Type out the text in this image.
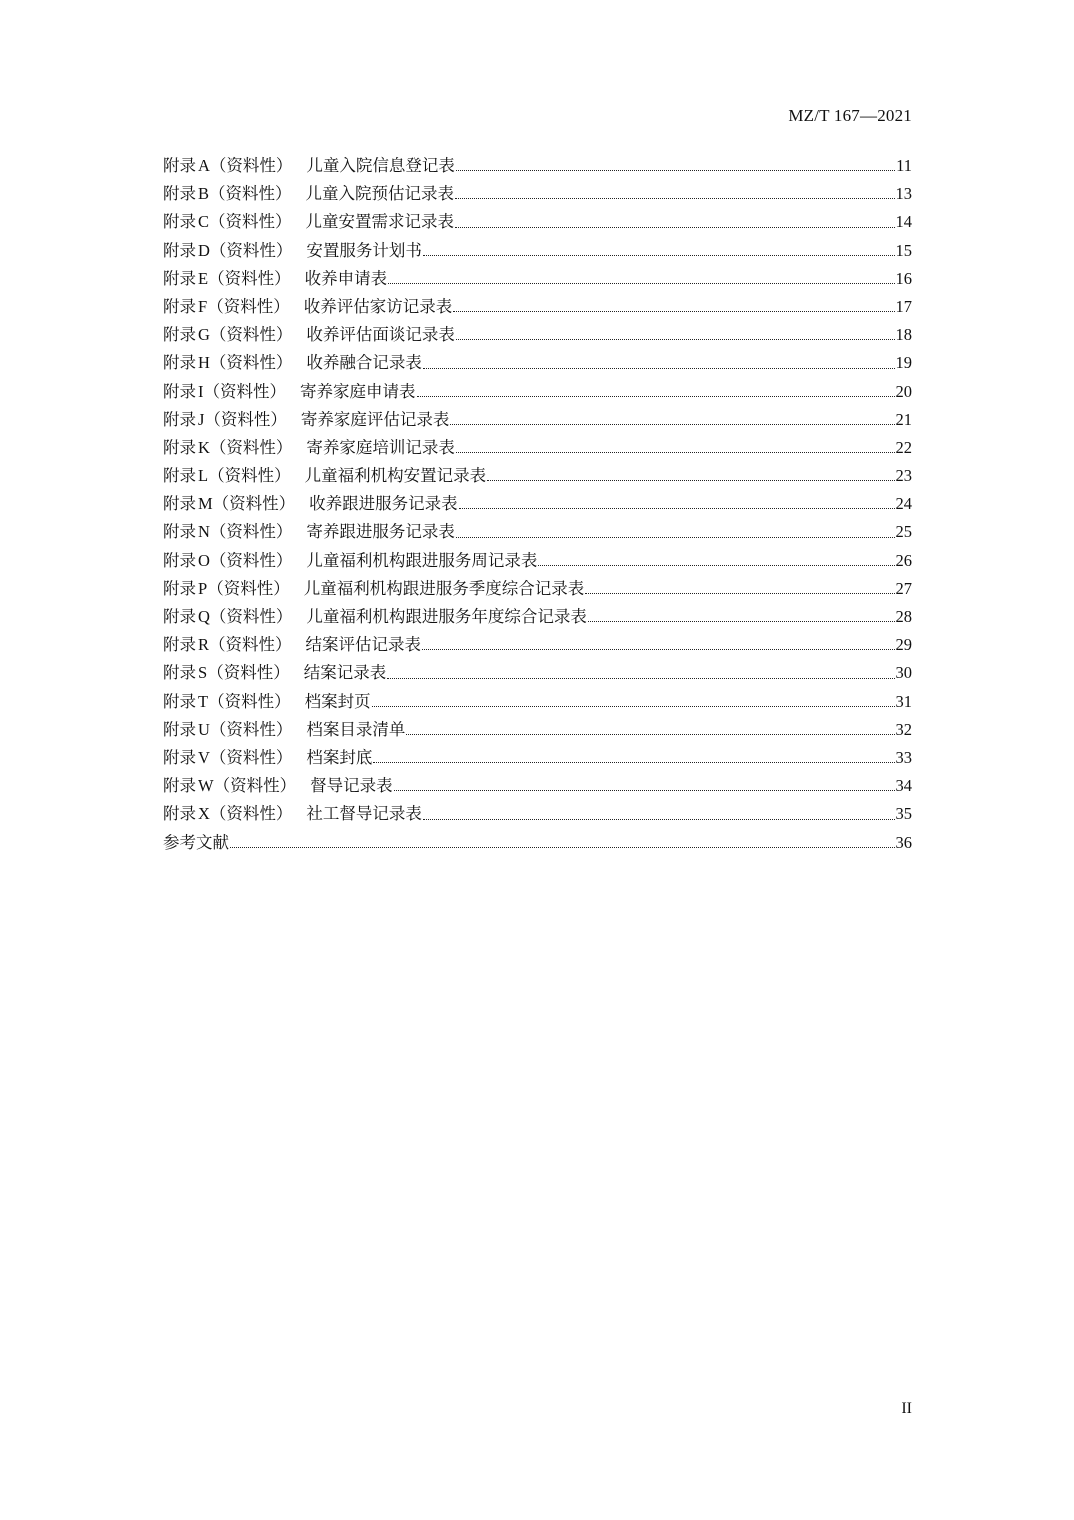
MZ/T 167—2021
附录 A（资料性） 儿童入院信息登记表	11
附录 B（资料性） 儿童入院预估记录表	13
附录 C（资料性） 儿童安置需求记录表	14
附录 D（资料性） 安置服务计划书	15
附录 E（资料性） 收养申请表	16
附录 F（资料性） 收养评估家访记录表	17
附录 G（资料性） 收养评估面谈记录表	18
附录 H（资料性） 收养融合记录表	19
附录 I（资料性） 寄养家庭申请表	20
附录 J（资料性） 寄养家庭评估记录表	21
附录 K（资料性） 寄养家庭培训记录表	22
附录 L（资料性） 儿童福利机构安置记录表	23
附录 M（资料性） 收养跟进服务记录表	24
附录 N（资料性） 寄养跟进服务记录表	25
附录 O（资料性） 儿童福利机构跟进服务周记录表	26
附录 P（资料性） 儿童福利机构跟进服务季度综合记录表	27
附录 Q（资料性） 儿童福利机构跟进服务年度综合记录表	28
附录 R（资料性） 结案评估记录表	29
附录 S（资料性） 结案记录表	30
附录 T（资料性） 档案封页	31
附录 U（资料性） 档案目录清单	32
附录 V（资料性） 档案封底	33
附录 W（资料性） 督导记录表	34
附录 X（资料性） 社工督导记录表	35
参考文献	36
II
